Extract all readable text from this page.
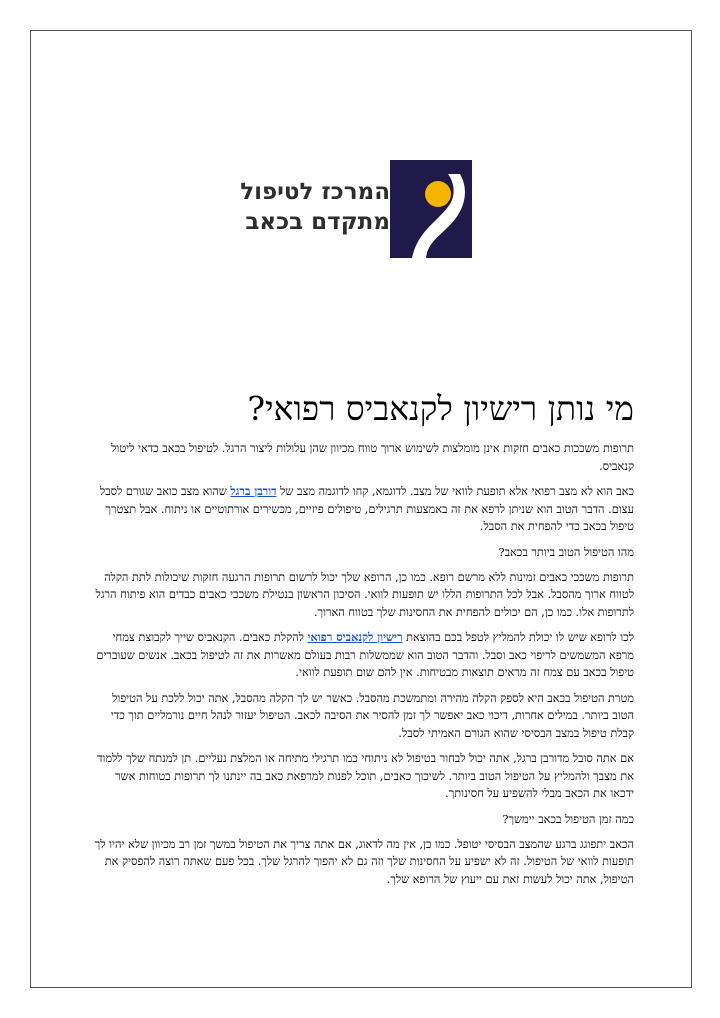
המרכז לטיפול
מתקדם בכאב
מי נותן רישיון לקנאביס רפואי?

תרופות משככות כאבים חזקות אינן מומלצות לשימוש ארוך טווח מכיוון שהן עלולות ליצור הרגל. לטיפול בכאב כדאי ליטול קנאביס.

כאב הוא לא מצב רפואי אלא תופעת לוואי של מצב. לדוגמא, קחו לדוגמה מצב של דורבן ברגל שהוא מצב כואב שגורם לסבל עצום. הדבר הטוב הוא שניתן לרפא את זה באמצעות תרגילים, טיפולים פיזיים, מכשירים אורתוטיים או ניתוח. אבל תצטרך טיפול בכאב כדי להפחית את הסבל.

מהו הטיפול הטוב ביותר בכאב?

תרופות משככי כאבים זמינות ללא מרשם רופא. כמו כן, הרופא שלך יכול לרשום תרופות הרגעה חזקות שיכולות לתת הקלה לטווח ארוך מהסבל. אבל לכל התרופות הללו יש תופעות לוואי. הסיכון הראשון בנטילת משככי כאבים כבדים הוא פיתוח הרגל לתרופות אלו. כמו כן, הם יכולים להפחית את החסינות שלך בטווח הארוך.

לכו לרופא שיש לו יכולת להמליץ לטפל בכם בהוצאת רישיון לקנאביס רפואי להקלת כאבים. הקנאביס שייך לקבוצת צמחי מרפא המשמשים לריפוי כאב וסבל. והדבר הטוב הוא שממשלות רבות בעולם מאשרות את זה לטיפול בכאב. אנשים שעוברים טיפול בכאב עם צמח זה מראים תוצאות מבטיחות. אין להם שום תופעת לוואי.

מטרת הטיפול בכאב היא לספק הקלה מהירה ומתמשכת מהסבל. כאשר יש לך הקלה מהסבל, אתה יכול ללכת על הטיפול הטוב ביותר. במילים אחרות, דיכוי כאב יאפשר לך זמן להסיר את הסיבה לכאב. הטיפול יעזור לנהל חיים נורמליים תוך כדי קבלת טיפול במצב הבסיסי שהוא הגורם האמיתי לסבל.

אם אתה סובל מדורבן ברגל, אתה יכול לבחור בטיפול לא ניתוחי כמו תרגילי מתיחה או המלצת נעליים. תן למנתח שלך ללמוד את מצבך ולהמליץ על הטיפול הטוב ביותר. לשיכוך כאבים, תוכל לפנות למרפאת כאב בה יינתנו לך תרופות בטוחות אשר ידכאו את הכאב מבלי להשפיע על חסינותך.

כמה זמן הטיפול בכאב יימשך?

הכאב יתפוגג ברגע שהמצב הבסיסי יטופל. כמו כן, אין מה לדאוג, אם אתה צריך את הטיפול במשך זמן רב מכיוון שלא יהיו לך תופעות לוואי של הטיפול. זה לא ישפיע על החסינות שלך וזה גם לא יהפוך להרגל שלך. בכל פעם שאתה רוצה להפסיק את הטיפול, אתה יכול לעשות זאת עם ייעוץ של הרופא שלך.
